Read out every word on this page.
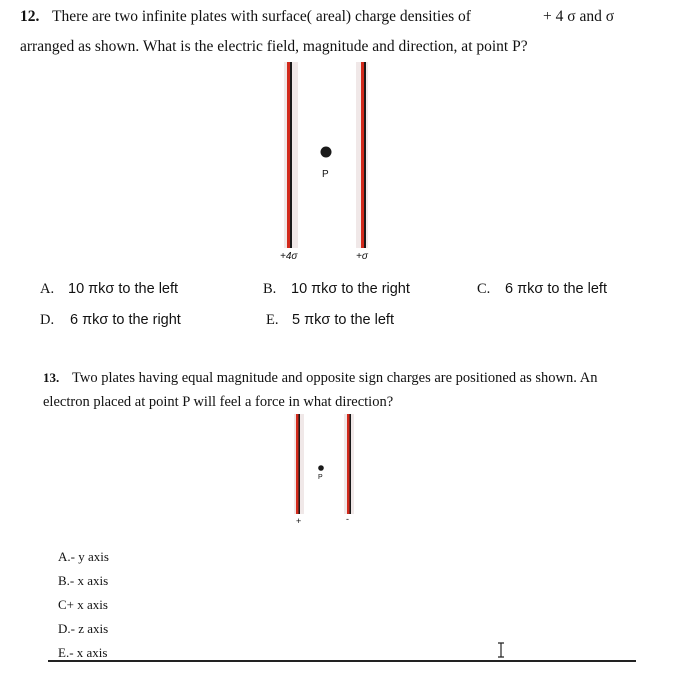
12. There are two infinite plates with surface( areal) charge densities of	+ 4 σ and σ
arranged as shown. What is the electric field, magnitude and direction, at point P?
P
+4σ	+σ
A. 10 πkσ to the left	B. 10 πkσ to the right	C. 6 πkσ to the left
D. 6 πkσ to the right	E. 5 πkσ to the left
13. Two plates having equal magnitude and opposite sign charges are positioned as shown. An
electron placed at point P will feel a force in what direction?
P
+	-
A.- y axis
B.- x axis
C+ x axis
D.- z axis
E.- x axis
